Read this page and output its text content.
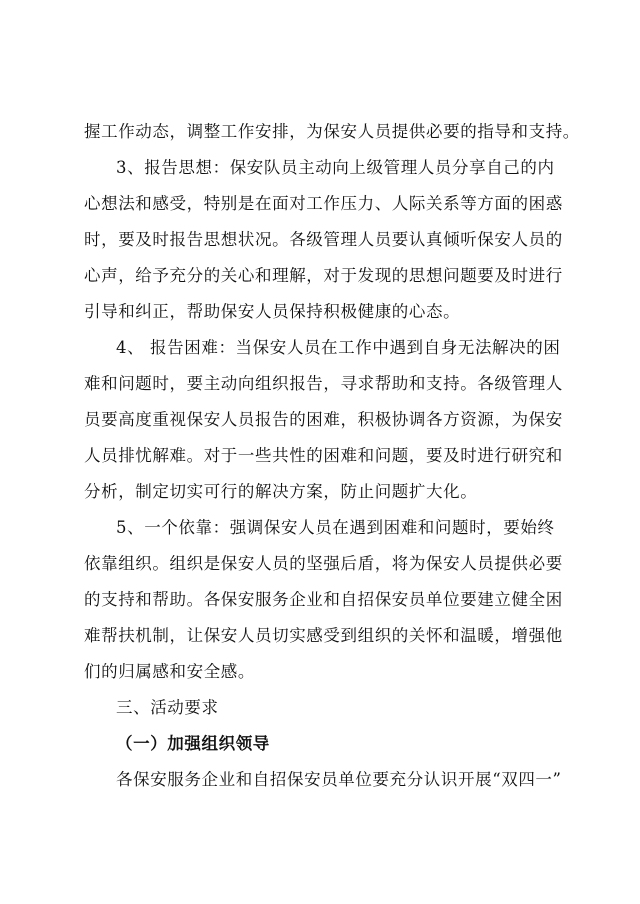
握工作动态，调整工作安排，为保安人员提供必要的指导和支持。
3、报告思想：保安队员主动向上级管理人员分享自己的内
心想法和感受，特别是在面对工作压力、人际关系等方面的困惑
时，要及时报告思想状况。各级管理人员要认真倾听保安人员的
心声，给予充分的关心和理解，对于发现的思想问题要及时进行
引导和纠正，帮助保安人员保持积极健康的心态。
4、 报告困难：当保安人员在工作中遇到自身无法解决的困
难和问题时，要主动向组织报告，寻求帮助和支持。各级管理人
员要高度重视保安人员报告的困难，积极协调各方资源，为保安
人员排忧解难。对于一些共性的困难和问题，要及时进行研究和
分析，制定切实可行的解决方案，防止问题扩大化。
5、一个依靠：强调保安人员在遇到困难和问题时，要始终
依靠组织。组织是保安人员的坚强后盾，将为保安人员提供必要
的支持和帮助。各保安服务企业和自招保安员单位要建立健全困
难帮扶机制，让保安人员切实感受到组织的关怀和温暖，增强他
们的归属感和安全感。
三、活动要求
（一）加强组织领导
各保安服务企业和自招保安员单位要充分认识开展“双四一”
